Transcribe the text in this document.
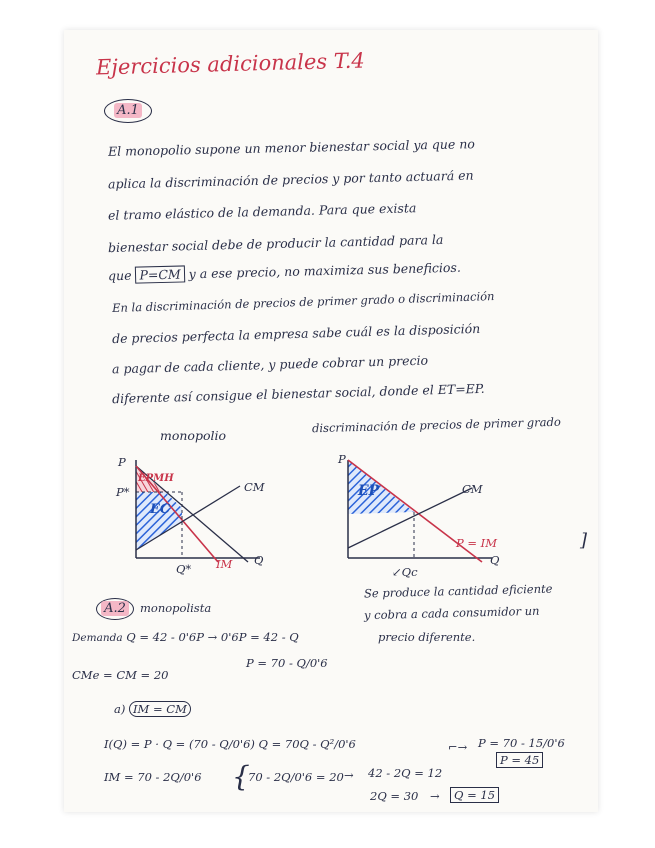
Ejercicios adicionales T.4
A.1
El monopolio supone un menor bienestar social ya que no
aplica la discriminación de precios y por tanto actuará en
el tramo elástico de la demanda. Para que exista
bienestar social debe de producir la cantidad para la
que P=CM y a ese precio, no maximiza sus beneficios.
En la discriminación de precios de primer grado o discriminación
de precios perfecta la empresa sabe cuál es la disposición
a pagar de cada cliente, y puede cobrar un precio
diferente así consigue el bienestar social, donde el ET=EP.
monopolio
discriminación de precios de primer grado
P
Q
P*
Q*
CM
IM
EPMH
EC
P
Q
CM
P = IM
EP
↙Qc
]
Se produce la cantidad eficiente
y cobra a cada consumidor un
precio diferente.
A.2	monopolista
Demanda Q = 42 - 0'6P → 0'6P = 42 - Q
P = 70 - Q/0'6
CMe = CM = 20
a) IM = CM
I(Q) = P · Q = (70 - Q/0'6) Q = 70Q - Q²/0'6
IM = 70 - 2Q/0'6 {
70 - 2Q/0'6 = 20 → 42 - 2Q = 12
2Q = 30 →	Q = 15
⌐→ P = 70 - 15/0'6
P = 45
